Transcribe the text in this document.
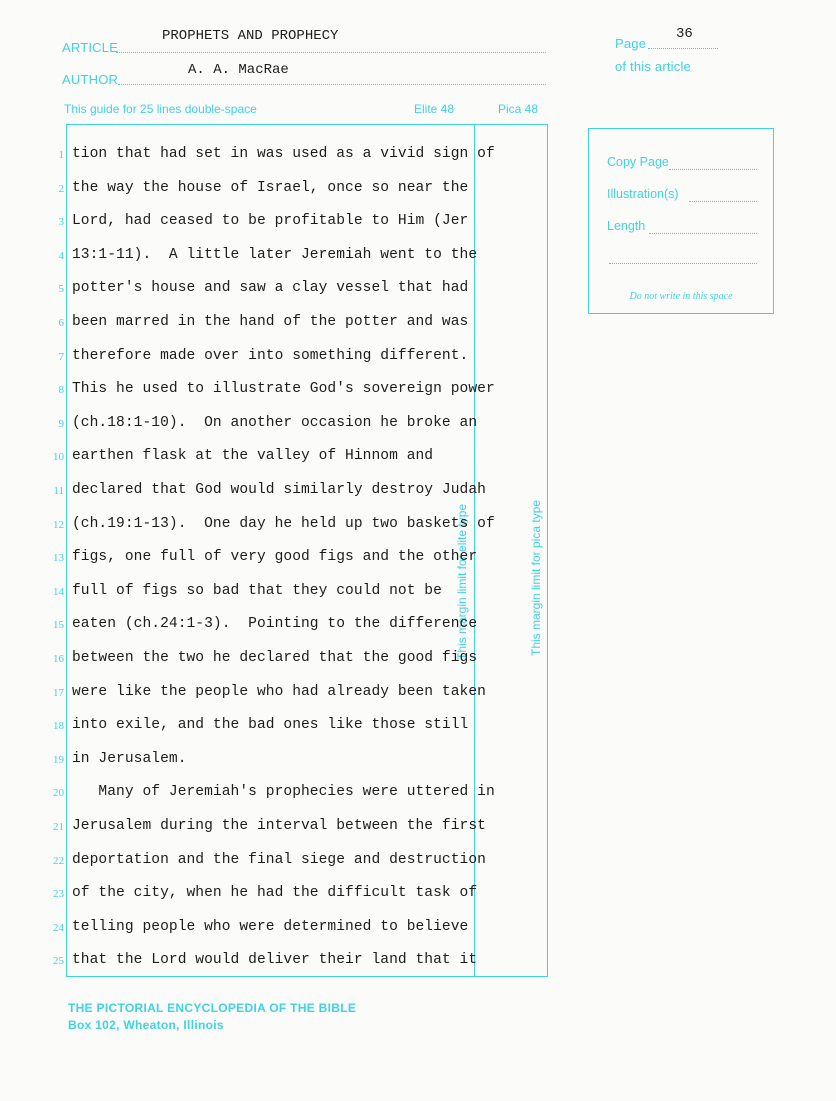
ARTICLE
PROPHETS AND PROPHECY
AUTHOR
A. A. MacRae
Page
36
of this article
This guide for 25 lines double-space	Elite 48	Pica 48
This margin limit for elite type	This margin limit for pica type
1 tion that had set in was used as a vivid sign of
2 the way the house of Israel, once so near the
3 Lord, had ceased to be profitable to Him (Jer
4 13:1-11).  A little later Jeremiah went to the
5 potter's house and saw a clay vessel that had
6 been marred in the hand of the potter and was
7 therefore made over into something different.
8 This he used to illustrate God's sovereign power
9 (ch.18:1-10).  On another occasion he broke an
10 earthen flask at the valley of Hinnom and
11 declared that God would similarly destroy Judah
12 (ch.19:1-13).  One day he held up two baskets of
13 figs, one full of very good figs and the other
14 full of figs so bad that they could not be
15 eaten (ch.24:1-3).  Pointing to the difference
16 between the two he declared that the good figs
17 were like the people who had already been taken
18 into exile, and the bad ones like those still
19 in Jerusalem.
20 Many of Jeremiah's prophecies were uttered in
21 Jerusalem during the interval between the first
22 deportation and the final siege and destruction
23 of the city, when he had the difficult task of
24 telling people who were determined to believe
25 that the Lord would deliver their land that it
Copy Page
Illustration(s)
Length
Do not write in this space
THE PICTORIAL ENCYCLOPEDIA OF THE BIBLE
Box 102, Wheaton, Illinois
